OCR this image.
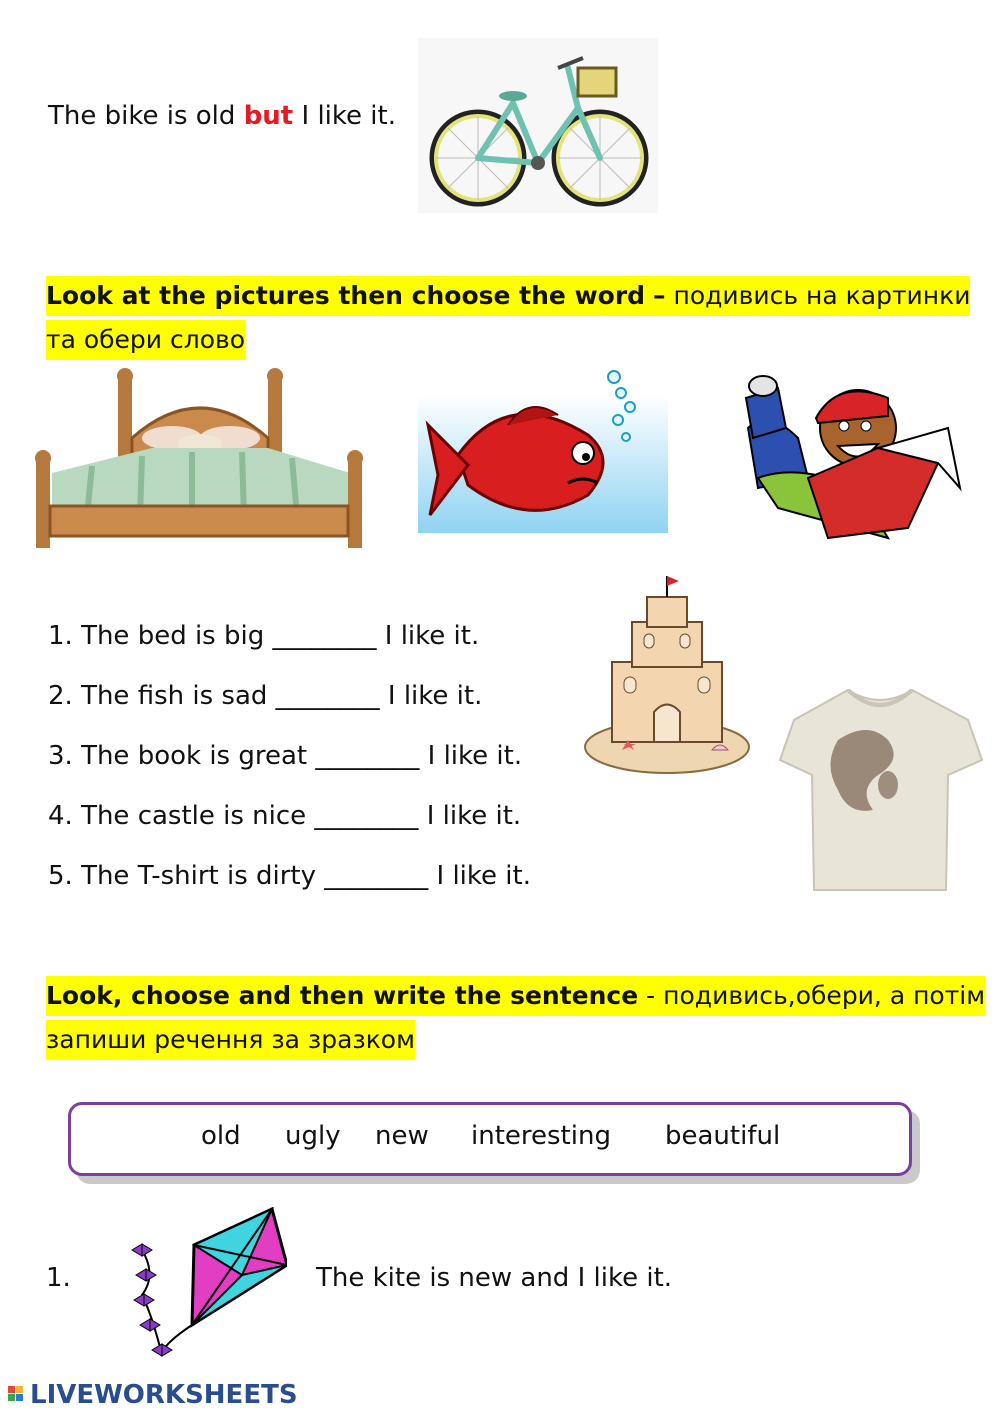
The bike is old but I like it.
Look at the pictures then choose the word – подивись на картинки
та обери слово
1. The bed is big ________ I like it.
2. The fish is sad ________ I like it.
3. The book is great ________ I like it.
4. The castle is nice ________ I like it.
5. The T-shirt is dirty ________ I like it.
Look, choose and then write the sentence - подивись,обери, а потім
запиши речення за зразком
old ugly new interesting beautiful
1.	The kite is new and I like it.
LIVEWORKSHEETS
